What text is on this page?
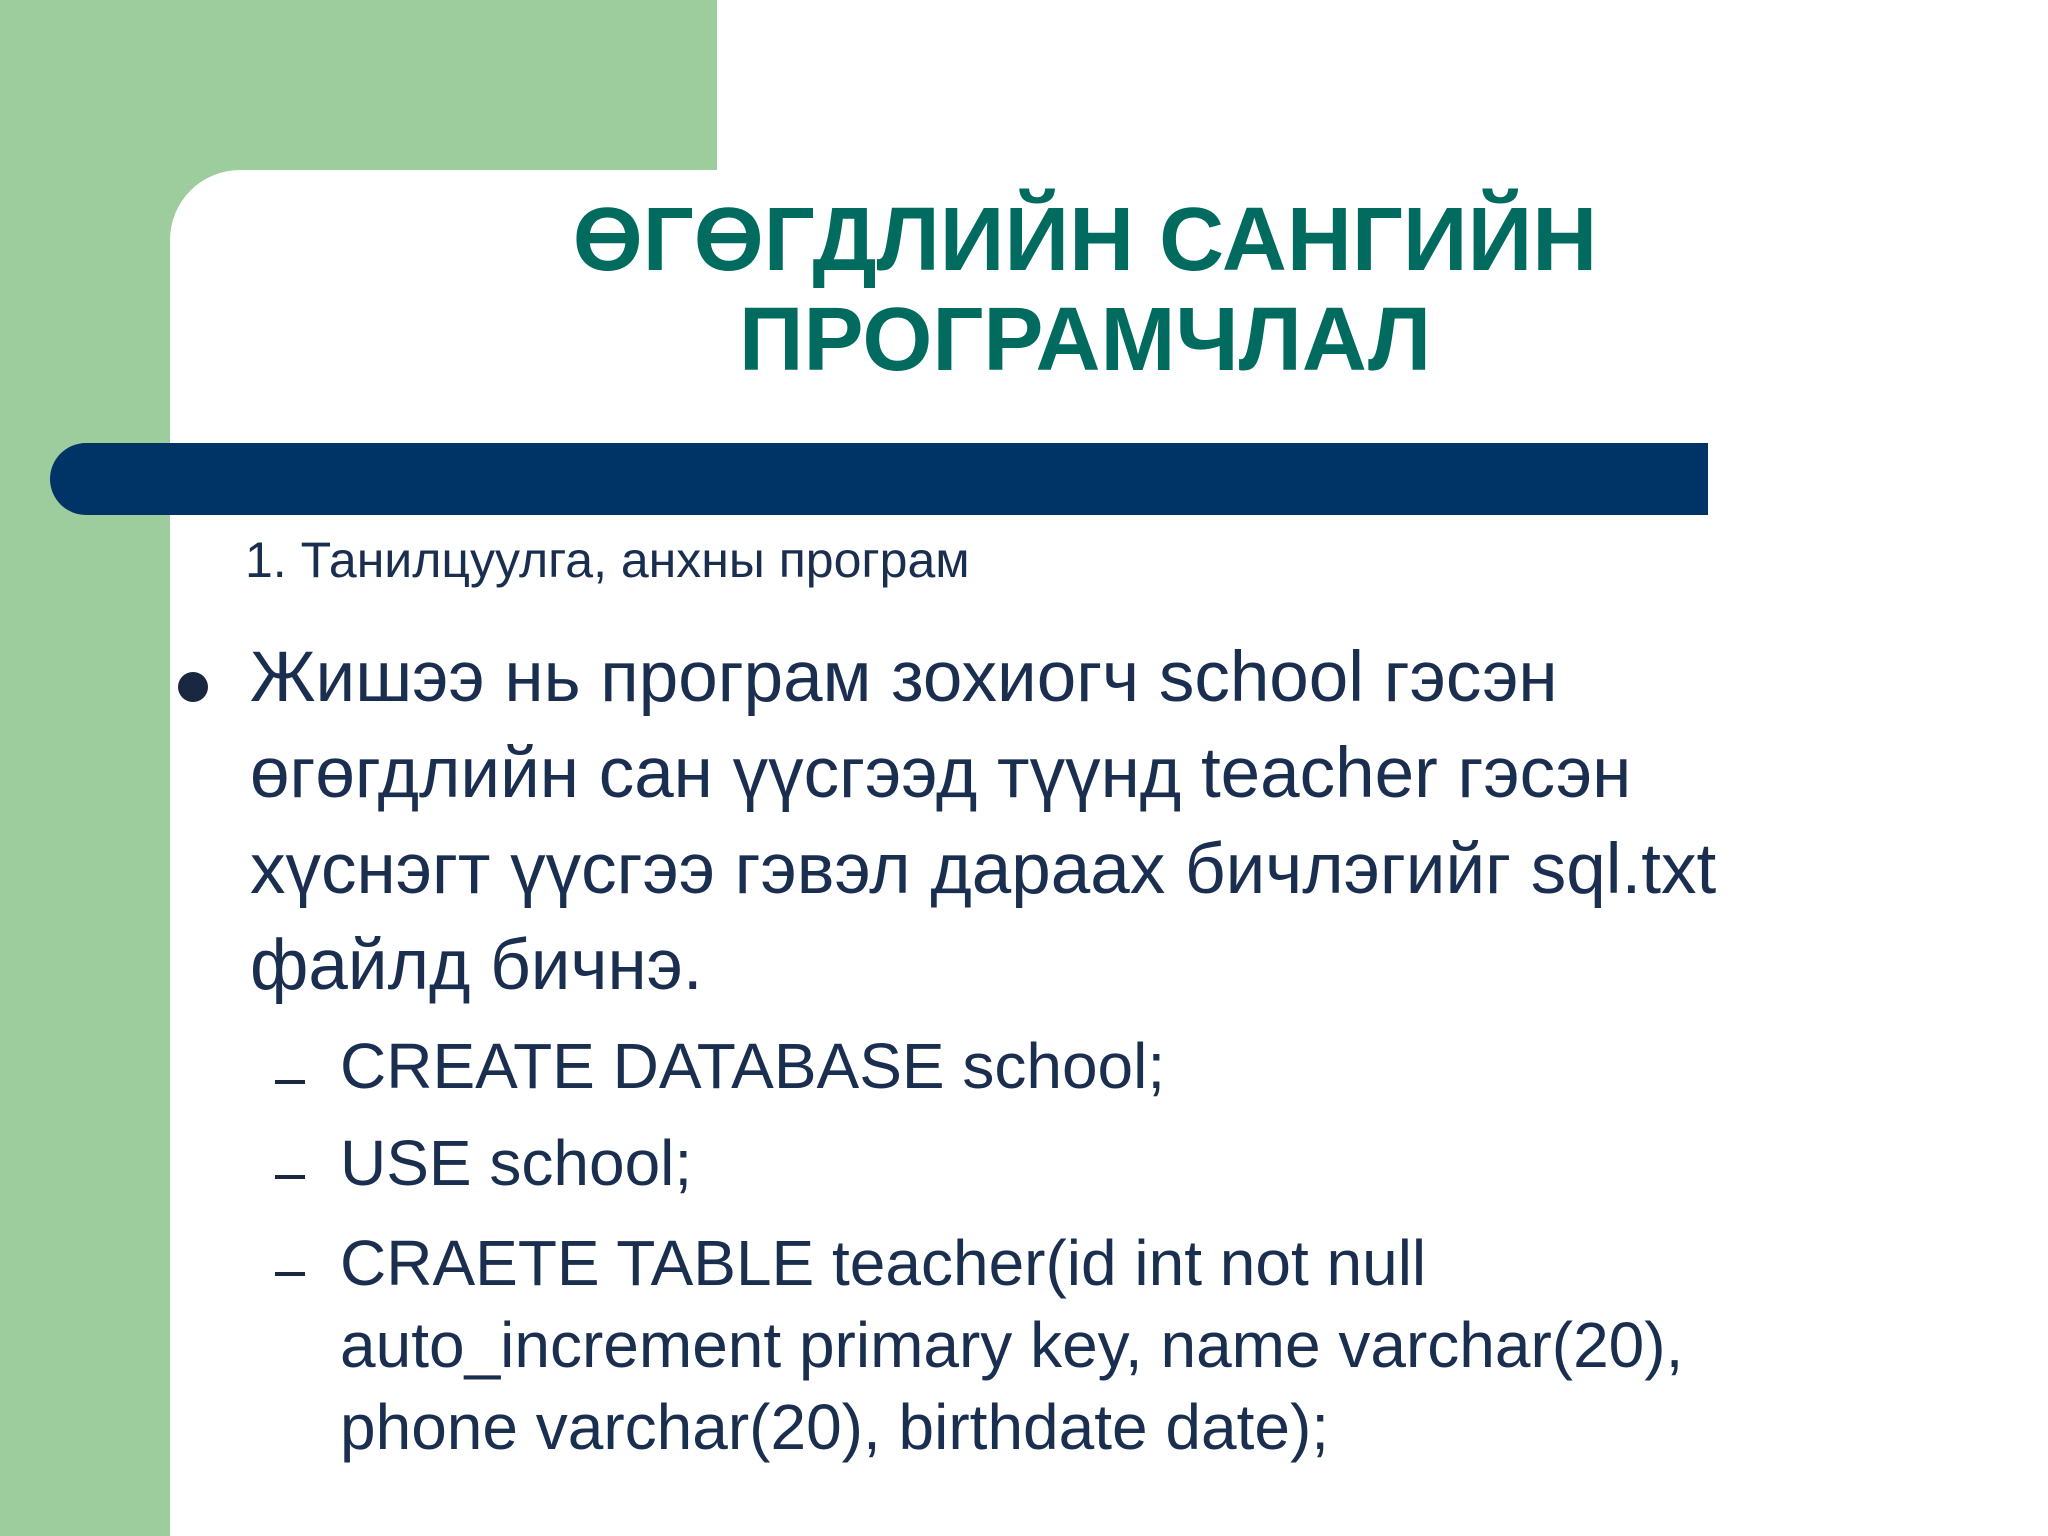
ӨГӨГДЛИЙН САНГИЙН
ПРОГРАМЧЛАЛ
1. Танилцуулга, анхны програм
Жишээ нь програм зохиогч school гэсэн
өгөгдлийн сан үүсгээд түүнд teacher гэсэн
хүснэгт үүсгээ гэвэл дараах бичлэгийг sql.txt
файлд бичнэ.
CREATE DATABASE school;
USE school;
CRAETE TABLE teacher(id int not null
auto_increment primary key, name varchar(20),
phone varchar(20), birthdate date);
